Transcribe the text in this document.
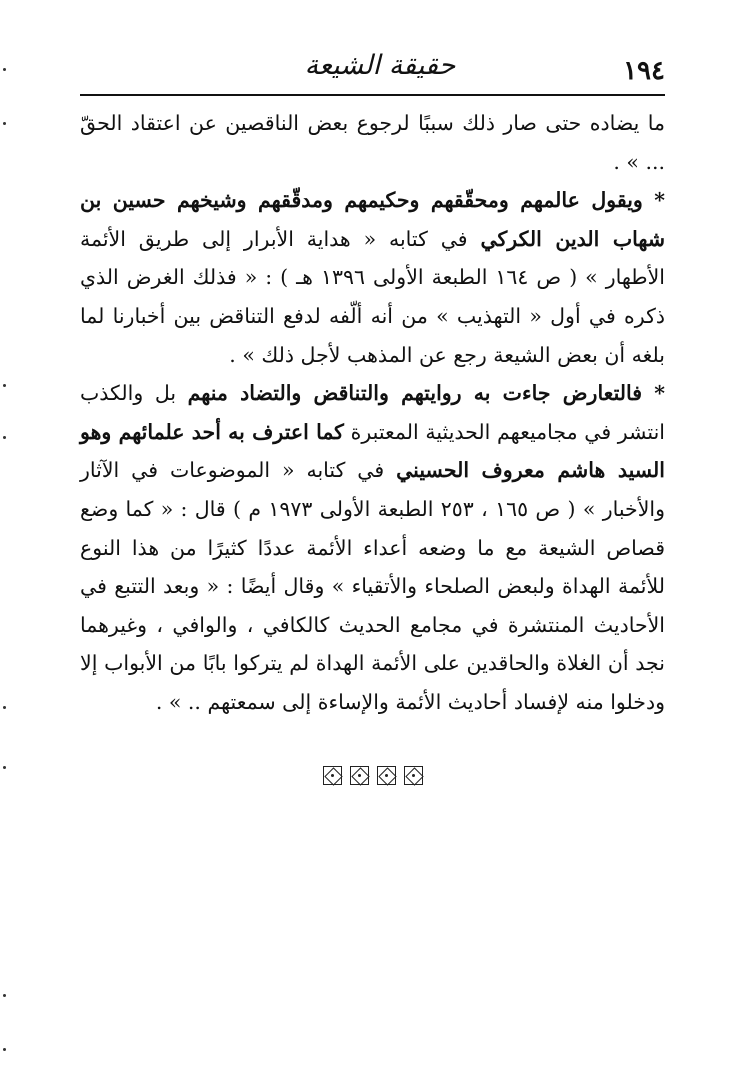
١٩٤
حقيقة الشيعة

ما يضاده حتى صار ذلك سببًا لرجوع بعض الناقصين عن اعتقاد الحقّ ... » .

* ويقول عالمهم ومحقّقهم وحكيمهم ومدقّقهم وشيخهم حسين بن شهاب الدين الكركي في كتابه « هداية الأبرار إلى طريق الأئمة الأطهار » ( ص ١٦٤ الطبعة الأولى ١٣٩٦ هـ ) : « فذلك الغرض الذي ذكره في أول « التهذيب » من أنه ألّفه لدفع التناقض بين أخبارنا لما بلغه أن بعض الشيعة رجع عن المذهب لأجل ذلك » .

* فالتعارض جاءت به روايتهم والتناقض والتضاد منهم بل والكذب انتشر في مجاميعهم الحديثية المعتبرة كما اعترف به أحد علمائهم وهو السيد هاشم معروف الحسيني في كتابه « الموضوعات في الآثار والأخبار » ( ص ١٦٥ ، ٢٥٣ الطبعة الأولى ١٩٧٣ م ) قال : « كما وضع قصاص الشيعة مع ما وضعه أعداء الأئمة عددًا كثيرًا من هذا النوع للأئمة الهداة ولبعض الصلحاء والأتقياء » وقال أيضًا : « وبعد التتبع في الأحاديث المنتشرة في مجامع الحديث كالكافي ، والوافي ، وغيرهما نجد أن الغلاة والحاقدين على الأئمة الهداة لم يتركوا بابًا من الأبواب إلا ودخلوا منه لإفساد أحاديث الأئمة والإساءة إلى سمعتهم .. » .
